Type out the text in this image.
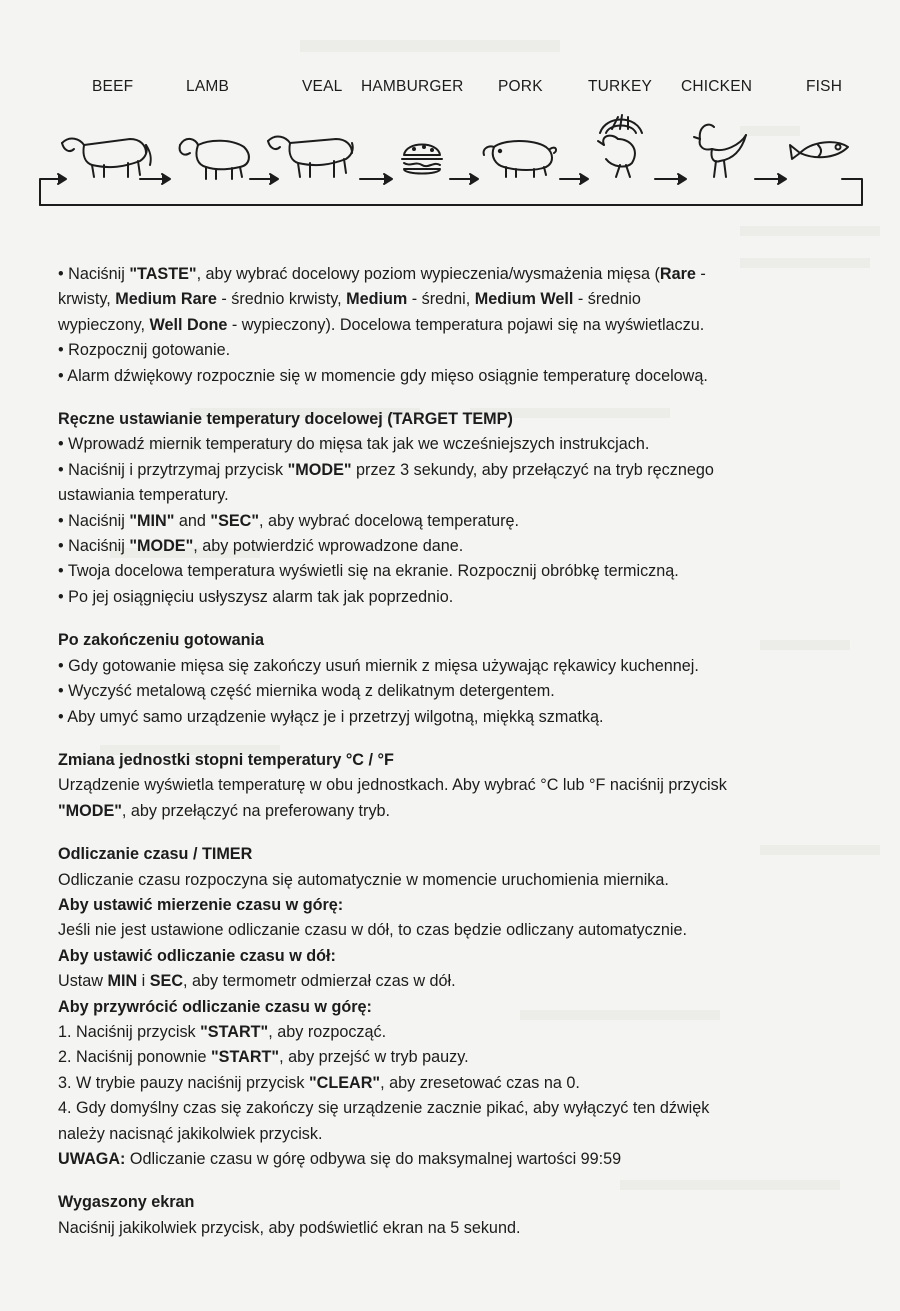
BEEF	LAMB	VEAL HAMBURGER PORK	TURKEY CHICKEN	FISH

• Naciśnij "TASTE", aby wybrać docelowy poziom wypieczenia/wysmażenia mięsa (Rare -

krwisty, Medium Rare - średnio krwisty, Medium - średni, Medium Well - średnio

wypieczony, Well Done - wypieczony). Docelowa temperatura pojawi się na wyświetlaczu.

• Rozpocznij gotowanie.

• Alarm dźwiękowy rozpocznie się w momencie gdy mięso osiągnie temperaturę docelową.

Ręczne ustawianie temperatury docelowej (TARGET TEMP)

• Wprowadź miernik temperatury do mięsa tak jak we wcześniejszych instrukcjach.

• Naciśnij i przytrzymaj przycisk "MODE" przez 3 sekundy, aby przełączyć na tryb ręcznego

ustawiania temperatury.

• Naciśnij "MIN" and "SEC", aby wybrać docelową temperaturę.

• Naciśnij "MODE", aby potwierdzić wprowadzone dane.

• Twoja docelowa temperatura wyświetli się na ekranie. Rozpocznij obróbkę termiczną.

• Po jej osiągnięciu usłyszysz alarm tak jak poprzednio.

Po zakończeniu gotowania

• Gdy gotowanie mięsa się zakończy usuń miernik z mięsa używając rękawicy kuchennej.

• Wyczyść metalową część miernika wodą z delikatnym detergentem.

• Aby umyć samo urządzenie wyłącz je i przetrzyj wilgotną, miękką szmatką.

Zmiana jednostki stopni temperatury °C / °F

Urządzenie wyświetla temperaturę w obu jednostkach. Aby wybrać °C lub °F naciśnij przycisk

"MODE", aby przełączyć na preferowany tryb.

Odliczanie czasu / TIMER

Odliczanie czasu rozpoczyna się automatycznie w momencie uruchomienia miernika.

Aby ustawić mierzenie czasu w górę:

Jeśli nie jest ustawione odliczanie czasu w dół, to czas będzie odliczany automatycznie.

Aby ustawić odliczanie czasu w dół:

Ustaw MIN i SEC, aby termometr odmierzał czas w dół.

Aby przywrócić odliczanie czasu w górę:

1. Naciśnij przycisk "START", aby rozpocząć.

2. Naciśnij ponownie "START", aby przejść w tryb pauzy.

3. W trybie pauzy naciśnij przycisk "CLEAR", aby zresetować czas na 0.

4. Gdy domyślny czas się zakończy się urządzenie zacznie pikać, aby wyłączyć ten dźwięk

należy nacisnąć jakikolwiek przycisk.

UWAGA: Odliczanie czasu w górę odbywa się do maksymalnej wartości 99:59

Wygaszony ekran

Naciśnij jakikolwiek przycisk, aby podświetlić ekran na 5 sekund.
